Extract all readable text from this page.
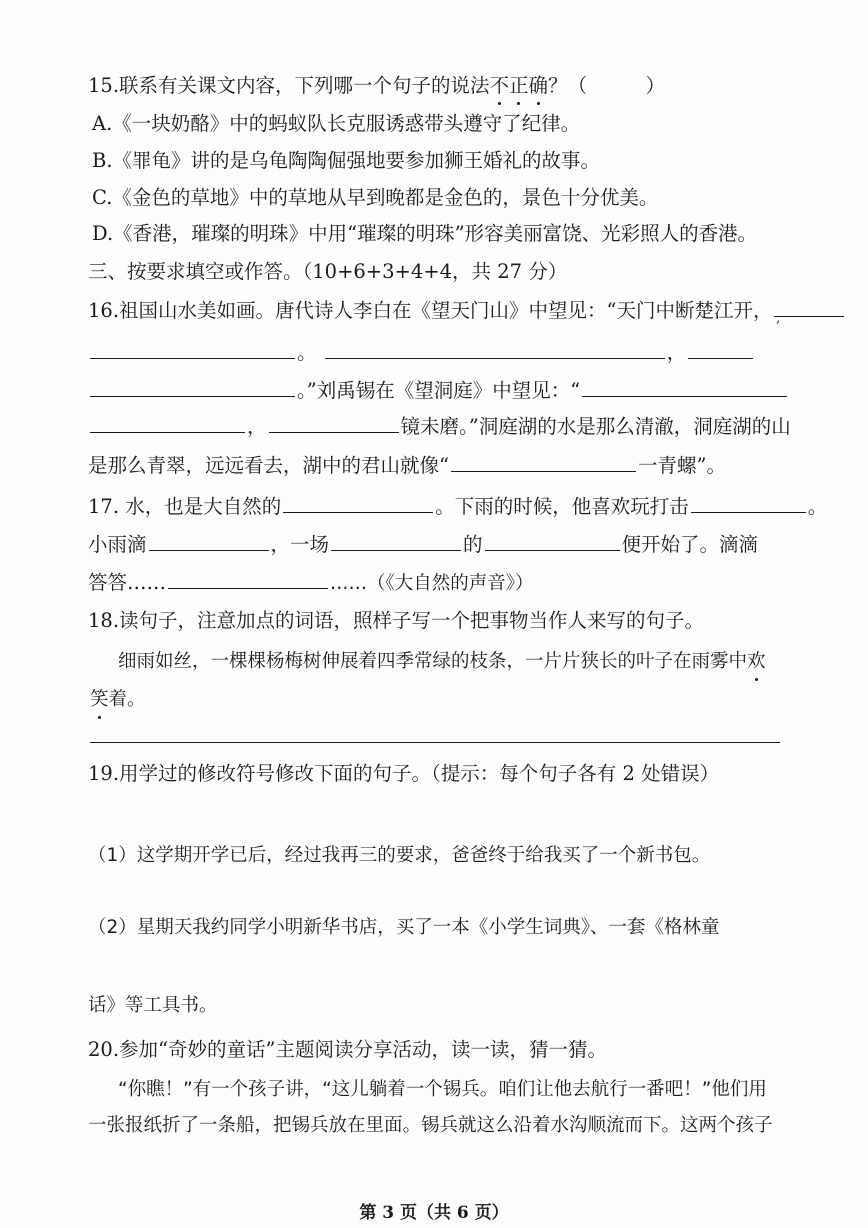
15.联系有关课文内容，下列哪一个句子的说法不正确？（　　　）
A.《一块奶酪》中的蚂蚁队长克服诱惑带头遵守了纪律。
B.《罪龟》讲的是乌龟陶陶倔强地要参加狮王婚礼的故事。
C.《金色的草地》中的草地从早到晚都是金色的，景色十分优美。
D.《香港，璀璨的明珠》中用“璀璨的明珠”形容美丽富饶、光彩照人的香港。
三、按要求填空或作答。（10+6+3+4+4，共 27 分）
16.祖国山水美如画。唐代诗人李白在《望天门山》中望见：“天门中断楚江开， ,
。	，
。”刘禹锡在《望洞庭》中望见：“
，	镜未磨。”洞庭湖的水是那么清澈，洞庭湖的山
是那么青翠，远远看去，湖中的君山就像“	一青螺”。
17. 水，也是大自然的	。下雨的时候，他喜欢玩打击	。
小雨滴	，一场	的	便开始了。滴滴
答答……	……（《大自然的声音》）
18.读句子，注意加点的词语，照样子写一个把事物当作人来写的句子。
细雨如丝，一棵棵杨梅树伸展着四季常绿的枝条，一片片狭长的叶子在雨雾中欢
笑着。
19.用学过的修改符号修改下面的句子。（提示：每个句子各有 2 处错误）
（1）这学期开学已后，经过我再三的要求，爸爸终于给我买了一个新书包。
（2）星期天我约同学小明新华书店，买了一本《小学生词典》、一套《格林童
话》等工具书。
20.参加“奇妙的童话”主题阅读分享活动，读一读，猜一猜。
“你瞧！”有一个孩子讲，“这儿躺着一个锡兵。咱们让他去航行一番吧！”他们用
一张报纸折了一条船，把锡兵放在里面。锡兵就这么沿着水沟顺流而下。这两个孩子
第 3 页（共 6 页）
